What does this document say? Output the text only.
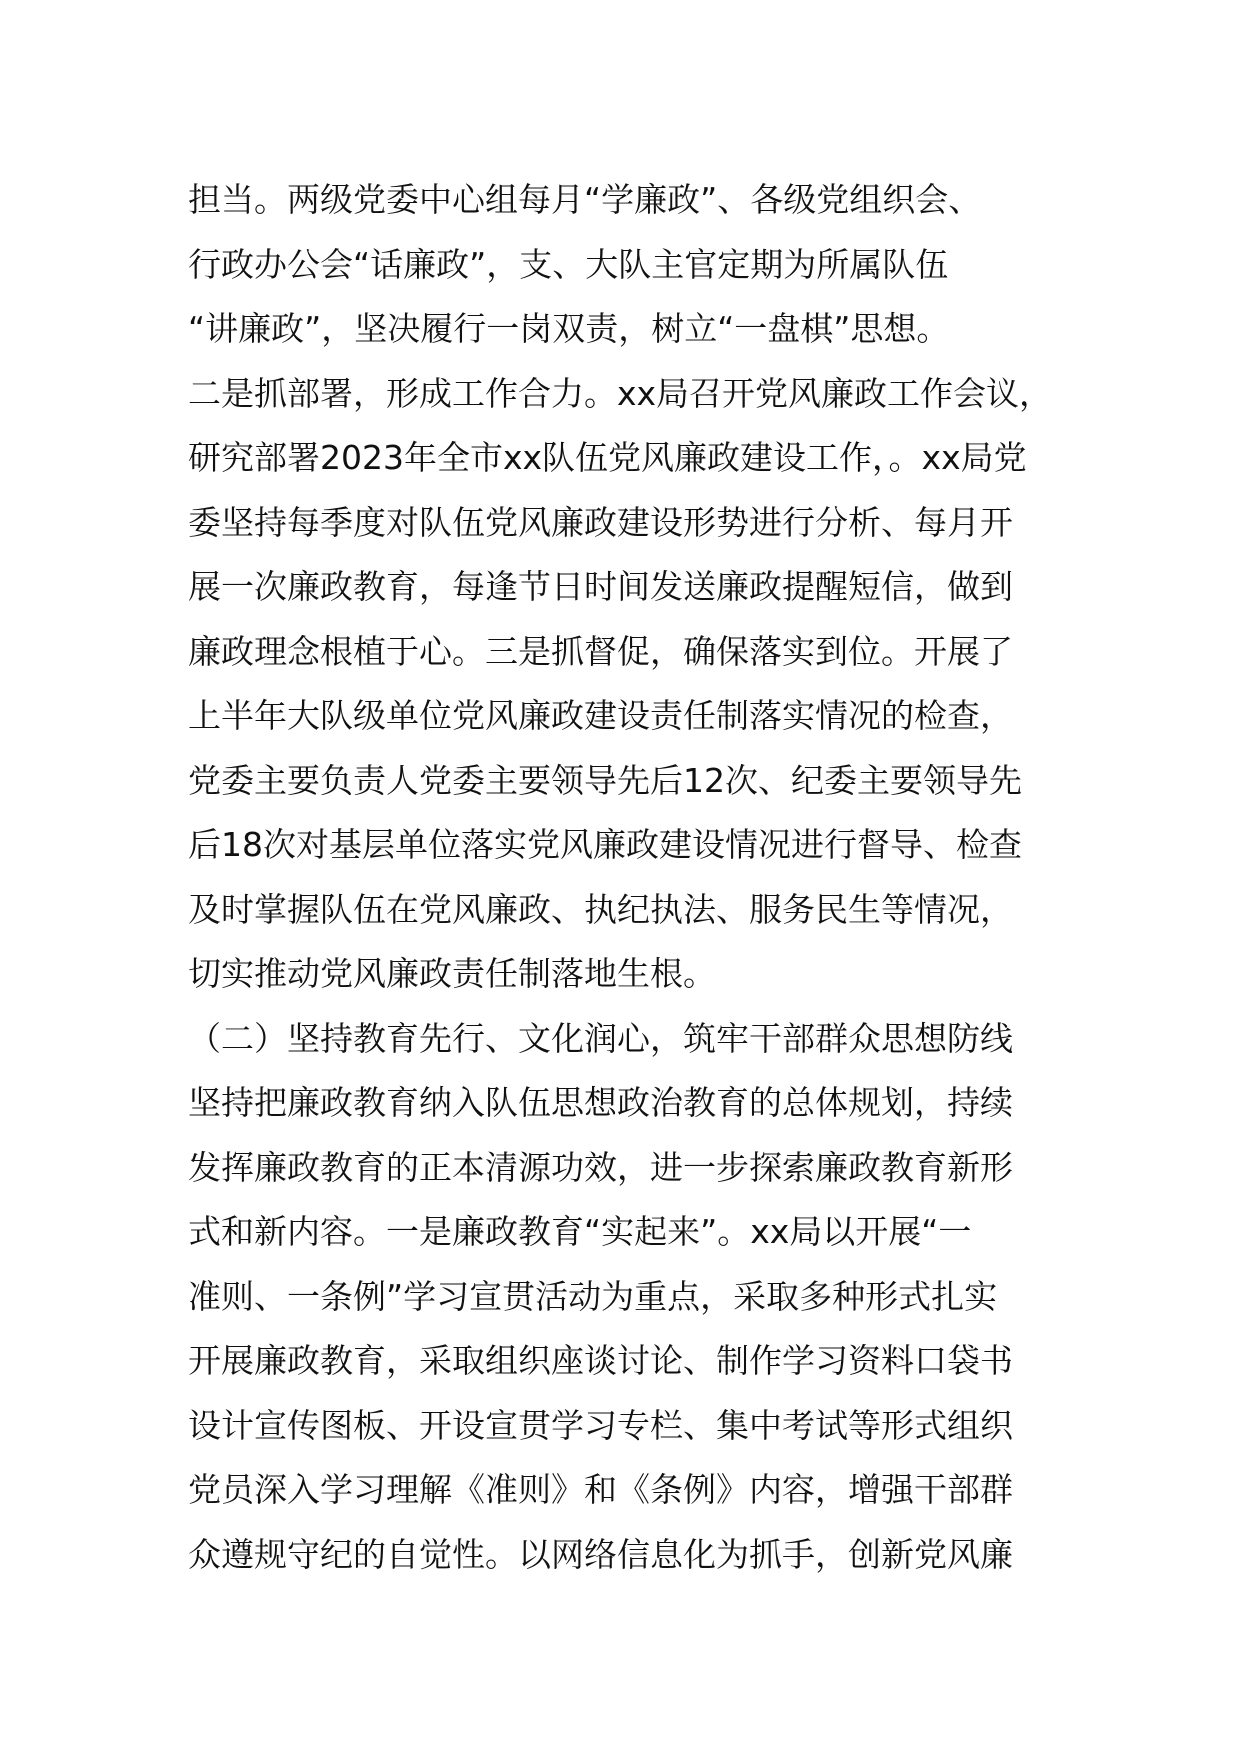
担当。两级党委中心组每月“学廉政”、各级党组织会、
行政办公会“话廉政”，支、大队主官定期为所属队伍
“讲廉政”，坚决履行一岗双责，树立“一盘棋”思想。
二是抓部署，形成工作合力。xx局召开党风廉政工作会议，
研究部署2023年全市xx队伍党风廉政建设工作，。xx局党
委坚持每季度对队伍党风廉政建设形势进行分析、每月开
展一次廉政教育，每逢节日时间发送廉政提醒短信，做到
廉政理念根植于心。三是抓督促，确保落实到位。开展了
上半年大队级单位党风廉政建设责任制落实情况的检查，
党委主要负责人党委主要领导先后12次、纪委主要领导先
后18次对基层单位落实党风廉政建设情况进行督导、检查
及时掌握队伍在党风廉政、执纪执法、服务民生等情况，
切实推动党风廉政责任制落地生根。
（二）坚持教育先行、文化润心，筑牢干部群众思想防线
坚持把廉政教育纳入队伍思想政治教育的总体规划，持续
发挥廉政教育的正本清源功效，进一步探索廉政教育新形
式和新内容。一是廉政教育“实起来”。xx局以开展“一
准则、一条例”学习宣贯活动为重点，采取多种形式扎实
开展廉政教育，采取组织座谈讨论、制作学习资料口袋书
设计宣传图板、开设宣贯学习专栏、集中考试等形式组织
党员深入学习理解《准则》和《条例》内容，增强干部群
众遵规守纪的自觉性。以网络信息化为抓手，创新党风廉
